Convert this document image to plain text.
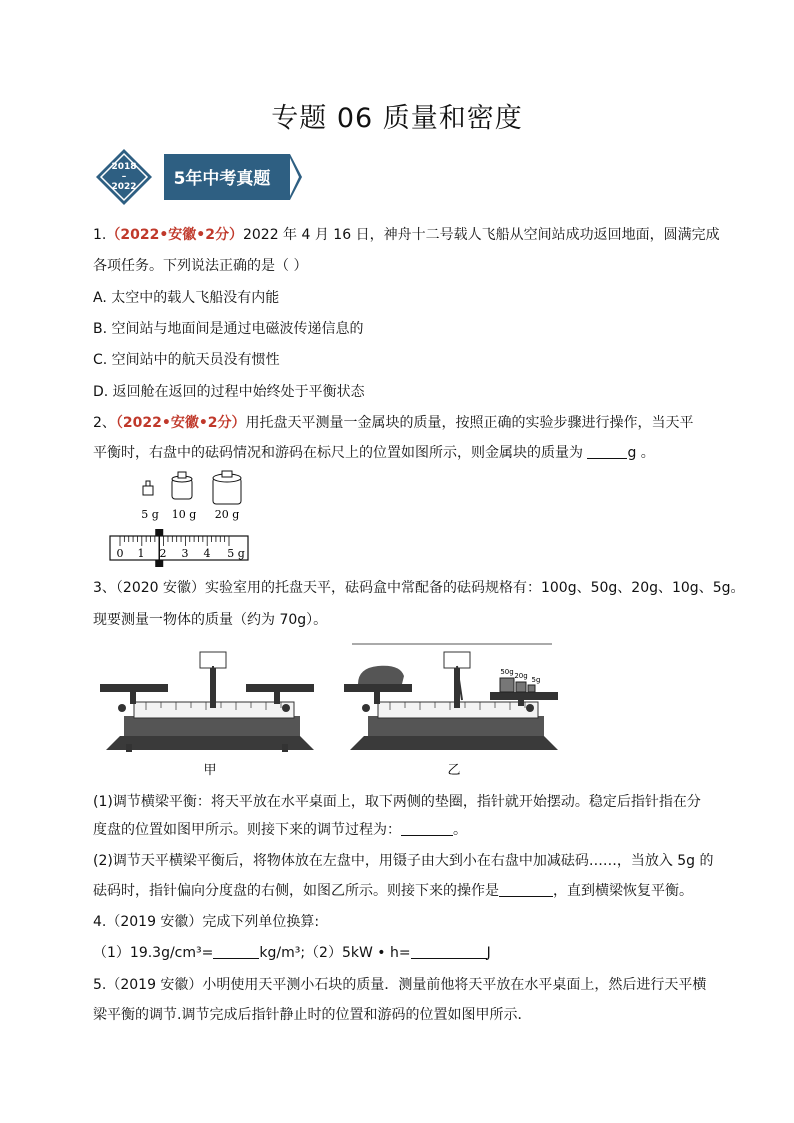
专题 06 质量和密度
2018
–
2022 5年中考真题
1.（2022•安徽•2分）2022 年 4 月 16 日，神舟十二号载人飞船从空间站成功返回地面，圆满完成
各项任务。下列说法正确的是（ ）
A. 太空中的载人飞船没有内能
B. 空间站与地面间是通过电磁波传递信息的
C. 空间站中的航天员没有惯性
D. 返回舱在返回的过程中始终处于平衡状态
2、（2022•安徽•2分）用托盘天平测量一金属块的质量，按照正确的实验步骤进行操作，当天平
平衡时，右盘中的砝码情况和游码在标尺上的位置如图所示，则金属块的质量为	g 。
5 g 10 g 20 g
0 1 2 3 4 5 g
3、（2020 安徽）实验室用的托盘天平，砝码盒中常配备的砝码规格有：100g、50g、20g、10g、5g。
现要测量一物体的质量（约为 70g）。
50g 20g 5g
甲	乙
(1)调节横梁平衡：将天平放在水平桌面上，取下两侧的垫圈，指针就开始摆动。稳定后指针指在分
度盘的位置如图甲所示。则接下来的调节过程为：	。
(2)调节天平横梁平衡后，将物体放在左盘中，用镊子由大到小在右盘中加减砝码……，当放入 5g 的
砝码时，指针偏向分度盘的右侧，如图乙所示。则接下来的操作是	，直到横梁恢复平衡。
4.（2019 安徽）完成下列单位换算:
（1）19.3g/cm³=	kg/m³;（2）5kW • h=	J
5.（2019 安徽）小明使用天平测小石块的质量．测量前他将天平放在水平桌面上，然后进行天平横
梁平衡的调节.调节完成后指针静止时的位置和游码的位置如图甲所示．
